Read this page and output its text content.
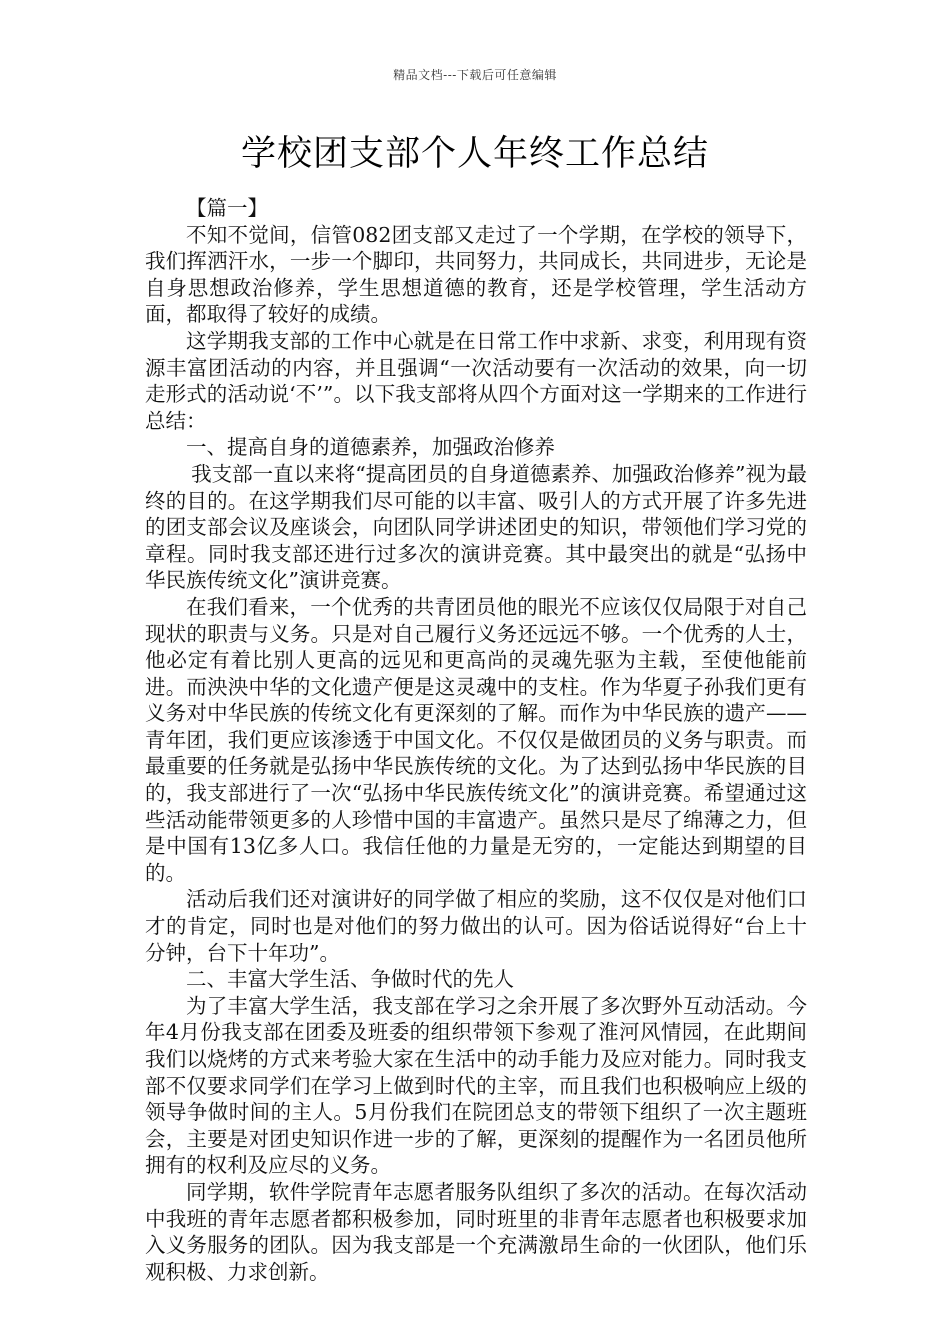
精品文档---下载后可任意编辑
学校团支部个人年终工作总结

【篇一】

不知不觉间，信管082团支部又走过了一个学期，在学校的领导下，我们挥洒汗水，一步一个脚印，共同努力，共同成长，共同进步，无论是自身思想政治修养，学生思想道德的教育，还是学校管理，学生活动方面，都取得了较好的成绩。

这学期我支部的工作中心就是在日常工作中求新、求变，利用现有资源丰富团活动的内容，并且强调“一次活动要有一次活动的效果，向一切走形式的活动说‘不’”。以下我支部将从四个方面对这一学期来的工作进行总结：

一、提高自身的道德素养，加强政治修养

我支部一直以来将“提高团员的自身道德素养、加强政治修养”视为最终的目的。在这学期我们尽可能的以丰富、吸引人的方式开展了许多先进的团支部会议及座谈会，向团队同学讲述团史的知识，带领他们学习党的章程。同时我支部还进行过多次的演讲竞赛。其中最突出的就是“弘扬中华民族传统文化”演讲竞赛。

在我们看来，一个优秀的共青团员他的眼光不应该仅仅局限于对自己现状的职责与义务。只是对自己履行义务还远远不够。一个优秀的人士，他必定有着比别人更高的远见和更高尚的灵魂先驱为主载，至使他能前进。而泱泱中华的文化遗产便是这灵魂中的支柱。作为华夏子孙我们更有义务对中华民族的传统文化有更深刻的了解。而作为中华民族的遗产——青年团，我们更应该渗透于中国文化。不仅仅是做团员的义务与职责。而最重要的任务就是弘扬中华民族传统的文化。为了达到弘扬中华民族的目的，我支部进行了一次“弘扬中华民族传统文化”的演讲竞赛。希望通过这些活动能带领更多的人珍惜中国的丰富遗产。虽然只是尽了绵薄之力，但是中国有13亿多人口。我信任他的力量是无穷的，一定能达到期望的目的。

活动后我们还对演讲好的同学做了相应的奖励，这不仅仅是对他们口才的肯定，同时也是对他们的努力做出的认可。因为俗话说得好“台上十分钟，台下十年功”。

二、丰富大学生活、争做时代的先人

为了丰富大学生活，我支部在学习之余开展了多次野外互动活动。今年4月份我支部在团委及班委的组织带领下参观了淮河风情园，在此期间我们以烧烤的方式来考验大家在生活中的动手能力及应对能力。同时我支部不仅要求同学们在学习上做到时代的主宰，而且我们也积极响应上级的领导争做时间的主人。5月份我们在院团总支的带领下组织了一次主题班会，主要是对团史知识作进一步的了解，更深刻的提醒作为一名团员他所拥有的权利及应尽的义务。

同学期，软件学院青年志愿者服务队组织了多次的活动。在每次活动中我班的青年志愿者都积极参加，同时班里的非青年志愿者也积极要求加入义务服务的团队。因为我支部是一个充满激昂生命的一伙团队，他们乐观积极、力求创新。
